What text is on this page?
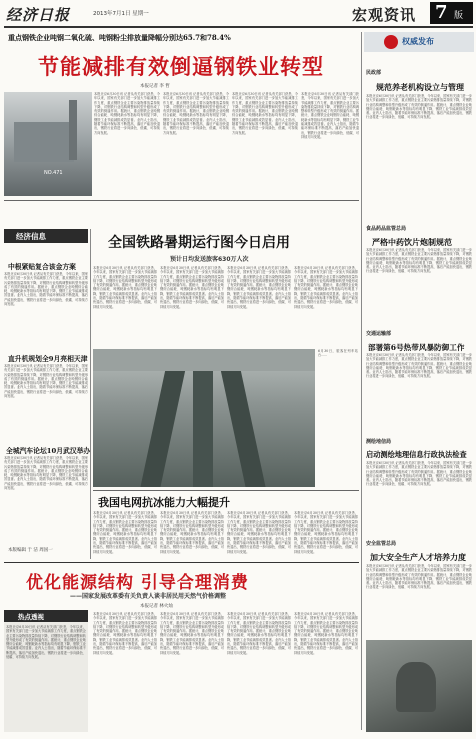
经济日报	2013年7月1日 星期一	宏观资讯 7 版
重点钢铁企业吨钢二氧化硫、吨钢粉尘排放量降幅分别达65.7和78.4%
节能减排有效倒逼钢铁业转型
本报记者 李 哲
NO.471
本报北京6月30日讯 记者从有关部门获悉，今年以来，国家有关部门进一步加大节能减排工作力度，重点钢铁企业主要污染物排放量持续下降，对钢铁行业结构调整和转型升级形成了有效的倒逼作用。据统计，重点钢铁企业吨钢综合能耗、吨钢耗新水等指标均有明显下降，钢铁工业节能减排成效显著。业内人士指出，随着节能环保标准不断提高，落后产能加快退出，钢铁行业将进一步向绿色、低碳、可持续方向发展。
本报北京6月30日讯 记者从有关部门获悉，今年以来，国家有关部门进一步加大节能减排工作力度，重点钢铁企业主要污染物排放量持续下降，对钢铁行业结构调整和转型升级形成了有效的倒逼作用。据统计，重点钢铁企业吨钢综合能耗、吨钢耗新水等指标均有明显下降，钢铁工业节能减排成效显著。业内人士指出，随着节能环保标准不断提高，落后产能加快退出，钢铁行业将进一步向绿色、低碳、可持续方向发展。
本报北京6月30日讯 记者从有关部门获悉，今年以来，国家有关部门进一步加大节能减排工作力度，重点钢铁企业主要污染物排放量持续下降，对钢铁行业结构调整和转型升级形成了有效的倒逼作用。据统计，重点钢铁企业吨钢综合能耗、吨钢耗新水等指标均有明显下降，钢铁工业节能减排成效显著。业内人士指出，随着节能环保标准不断提高，落后产能加快退出，钢铁行业将进一步向绿色、低碳、可持续方向发展。
本报北京6月30日讯 记者从有关部门获悉，今年以来，国家有关部门进一步加大节能减排工作力度，重点钢铁企业主要污染物排放量持续下降，对钢铁行业结构调整和转型升级形成了有效的倒逼作用。据统计，重点钢铁企业吨钢综合能耗、吨钢耗新水等指标均有明显下降，钢铁工业节能减排成效显著。业内人士指出，随着节能环保标准不断提高，落后产能加快退出，钢铁行业将进一步向绿色、低碳、可持续方向发展。
权威发布
民政部
规范养老机构设立与管理
本报北京6月30日讯 记者从有关部门获悉，今年以来，国家有关部门进一步加大节能减排工作力度，重点钢铁企业主要污染物排放量持续下降，对钢铁行业结构调整和转型升级形成了有效的倒逼作用。据统计，重点钢铁企业吨钢综合能耗、吨钢耗新水等指标均有明显下降，钢铁工业节能减排成效显著。业内人士指出，随着节能环保标准不断提高，落后产能加快退出，钢铁行业将进一步向绿色、低碳、可持续方向发展。
食品药品监管总局
严格中药饮片炮制规范
本报北京6月30日讯 记者从有关部门获悉，今年以来，国家有关部门进一步加大节能减排工作力度，重点钢铁企业主要污染物排放量持续下降，对钢铁行业结构调整和转型升级形成了有效的倒逼作用。据统计，重点钢铁企业吨钢综合能耗、吨钢耗新水等指标均有明显下降，钢铁工业节能减排成效显著。业内人士指出，随着节能环保标准不断提高，落后产能加快退出，钢铁行业将进一步向绿色、低碳、可持续方向发展。
交通运输部
部署第6号热带风暴防御工作
本报北京6月30日讯 记者从有关部门获悉，今年以来，国家有关部门进一步加大节能减排工作力度，重点钢铁企业主要污染物排放量持续下降，对钢铁行业结构调整和转型升级形成了有效的倒逼作用。据统计，重点钢铁企业吨钢综合能耗、吨钢耗新水等指标均有明显下降，钢铁工业节能减排成效显著。业内人士指出，随着节能环保标准不断提高，落后产能加快退出，钢铁行业将进一步向绿色、低碳、可持续方向发展。
测绘地信局
启动测绘地理信息行政执法检查
本报北京6月30日讯 记者从有关部门获悉，今年以来，国家有关部门进一步加大节能减排工作力度，重点钢铁企业主要污染物排放量持续下降，对钢铁行业结构调整和转型升级形成了有效的倒逼作用。据统计，重点钢铁企业吨钢综合能耗、吨钢耗新水等指标均有明显下降，钢铁工业节能减排成效显著。业内人士指出，随着节能环保标准不断提高，落后产能加快退出，钢铁行业将进一步向绿色、低碳、可持续方向发展。
安全监管总局
加大安全生产人才培养力度
本报北京6月30日讯 记者从有关部门获悉，今年以来，国家有关部门进一步加大节能减排工作力度，重点钢铁企业主要污染物排放量持续下降，对钢铁行业结构调整和转型升级形成了有效的倒逼作用。据统计，重点钢铁企业吨钢综合能耗、吨钢耗新水等指标均有明显下降，钢铁工业节能减排成效显著。业内人士指出，随着节能环保标准不断提高，落后产能加快退出，钢铁行业将进一步向绿色、低碳、可持续方向发展。
经济信息
中根紧贴复合该金方案
本报北京6月30日讯 记者从有关部门获悉，今年以来，国家有关部门进一步加大节能减排工作力度，重点钢铁企业主要污染物排放量持续下降，对钢铁行业结构调整和转型升级形成了有效的倒逼作用。据统计，重点钢铁企业吨钢综合能耗、吨钢耗新水等指标均有明显下降，钢铁工业节能减排成效显著。业内人士指出，随着节能环保标准不断提高，落后产能加快退出，钢铁行业将进一步向绿色、低碳、可持续方向发展。
直升机规划全9月亮相天津
本报北京6月30日讯 记者从有关部门获悉，今年以来，国家有关部门进一步加大节能减排工作力度，重点钢铁企业主要污染物排放量持续下降，对钢铁行业结构调整和转型升级形成了有效的倒逼作用。据统计，重点钢铁企业吨钢综合能耗、吨钢耗新水等指标均有明显下降，钢铁工业节能减排成效显著。业内人士指出，随着节能环保标准不断提高，落后产能加快退出，钢铁行业将进一步向绿色、低碳、可持续方向发展。
全城汽车论坛10月武汉举办
本报北京6月30日讯 记者从有关部门获悉，今年以来，国家有关部门进一步加大节能减排工作力度，重点钢铁企业主要污染物排放量持续下降，对钢铁行业结构调整和转型升级形成了有效的倒逼作用。据统计，重点钢铁企业吨钢综合能耗、吨钢耗新水等指标均有明显下降，钢铁工业节能减排成效显著。业内人士指出，随着节能环保标准不断提高，落后产能加快退出，钢铁行业将进一步向绿色、低碳、可持续方向发展。
本版编辑 于 洁 周国一
全国铁路暑期运行图今日启用
预计日均发送旅客630万人次
本报北京6月30日讯 记者从有关部门获悉，今年以来，国家有关部门进一步加大节能减排工作力度，重点钢铁企业主要污染物排放量持续下降，对钢铁行业结构调整和转型升级形成了有效的倒逼作用。据统计，重点钢铁企业吨钢综合能耗、吨钢耗新水等指标均有明显下降，钢铁工业节能减排成效显著。业内人士指出，随着节能环保标准不断提高，落后产能加快退出，钢铁行业将进一步向绿色、低碳、可持续方向发展。
本报北京6月30日讯 记者从有关部门获悉，今年以来，国家有关部门进一步加大节能减排工作力度，重点钢铁企业主要污染物排放量持续下降，对钢铁行业结构调整和转型升级形成了有效的倒逼作用。据统计，重点钢铁企业吨钢综合能耗、吨钢耗新水等指标均有明显下降，钢铁工业节能减排成效显著。业内人士指出，随着节能环保标准不断提高，落后产能加快退出，钢铁行业将进一步向绿色、低碳、可持续方向发展。
本报北京6月30日讯 记者从有关部门获悉，今年以来，国家有关部门进一步加大节能减排工作力度，重点钢铁企业主要污染物排放量持续下降，对钢铁行业结构调整和转型升级形成了有效的倒逼作用。据统计，重点钢铁企业吨钢综合能耗、吨钢耗新水等指标均有明显下降，钢铁工业节能减排成效显著。业内人士指出，随着节能环保标准不断提高，落后产能加快退出，钢铁行业将进一步向绿色、低碳、可持续方向发展。
本报北京6月30日讯 记者从有关部门获悉，今年以来，国家有关部门进一步加大节能减排工作力度，重点钢铁企业主要污染物排放量持续下降，对钢铁行业结构调整和转型升级形成了有效的倒逼作用。据统计，重点钢铁企业吨钢综合能耗、吨钢耗新水等指标均有明显下降，钢铁工业节能减排成效显著。业内人士指出，随着节能环保标准不断提高，落后产能加快退出，钢铁行业将进一步向绿色、低碳、可持续方向发展。
6月30日，旅客在列车站台......
我国电网抗冰能力大幅提升
本报北京6月30日讯 记者从有关部门获悉，今年以来，国家有关部门进一步加大节能减排工作力度，重点钢铁企业主要污染物排放量持续下降，对钢铁行业结构调整和转型升级形成了有效的倒逼作用。据统计，重点钢铁企业吨钢综合能耗、吨钢耗新水等指标均有明显下降，钢铁工业节能减排成效显著。业内人士指出，随着节能环保标准不断提高，落后产能加快退出，钢铁行业将进一步向绿色、低碳、可持续方向发展。
本报北京6月30日讯 记者从有关部门获悉，今年以来，国家有关部门进一步加大节能减排工作力度，重点钢铁企业主要污染物排放量持续下降，对钢铁行业结构调整和转型升级形成了有效的倒逼作用。据统计，重点钢铁企业吨钢综合能耗、吨钢耗新水等指标均有明显下降，钢铁工业节能减排成效显著。业内人士指出，随着节能环保标准不断提高，落后产能加快退出，钢铁行业将进一步向绿色、低碳、可持续方向发展。
本报北京6月30日讯 记者从有关部门获悉，今年以来，国家有关部门进一步加大节能减排工作力度，重点钢铁企业主要污染物排放量持续下降，对钢铁行业结构调整和转型升级形成了有效的倒逼作用。据统计，重点钢铁企业吨钢综合能耗、吨钢耗新水等指标均有明显下降，钢铁工业节能减排成效显著。业内人士指出，随着节能环保标准不断提高，落后产能加快退出，钢铁行业将进一步向绿色、低碳、可持续方向发展。
本报北京6月30日讯 记者从有关部门获悉，今年以来，国家有关部门进一步加大节能减排工作力度，重点钢铁企业主要污染物排放量持续下降，对钢铁行业结构调整和转型升级形成了有效的倒逼作用。据统计，重点钢铁企业吨钢综合能耗、吨钢耗新水等指标均有明显下降，钢铁工业节能减排成效显著。业内人士指出，随着节能环保标准不断提高，落后产能加快退出，钢铁行业将进一步向绿色、低碳、可持续方向发展。
优化能源结构 引导合理消费
——国家发展改革委有关负责人谈非居民用天然气价格调整
本报记者 林火灿
热点透视
本报北京6月30日讯 记者从有关部门获悉，今年以来，国家有关部门进一步加大节能减排工作力度，重点钢铁企业主要污染物排放量持续下降，对钢铁行业结构调整和转型升级形成了有效的倒逼作用。据统计，重点钢铁企业吨钢综合能耗、吨钢耗新水等指标均有明显下降，钢铁工业节能减排成效显著。业内人士指出，随着节能环保标准不断提高，落后产能加快退出，钢铁行业将进一步向绿色、低碳、可持续方向发展。
本报北京6月30日讯 记者从有关部门获悉，今年以来，国家有关部门进一步加大节能减排工作力度，重点钢铁企业主要污染物排放量持续下降，对钢铁行业结构调整和转型升级形成了有效的倒逼作用。据统计，重点钢铁企业吨钢综合能耗、吨钢耗新水等指标均有明显下降，钢铁工业节能减排成效显著。业内人士指出，随着节能环保标准不断提高，落后产能加快退出，钢铁行业将进一步向绿色、低碳、可持续方向发展。
本报北京6月30日讯 记者从有关部门获悉，今年以来，国家有关部门进一步加大节能减排工作力度，重点钢铁企业主要污染物排放量持续下降，对钢铁行业结构调整和转型升级形成了有效的倒逼作用。据统计，重点钢铁企业吨钢综合能耗、吨钢耗新水等指标均有明显下降，钢铁工业节能减排成效显著。业内人士指出，随着节能环保标准不断提高，落后产能加快退出，钢铁行业将进一步向绿色、低碳、可持续方向发展。
本报北京6月30日讯 记者从有关部门获悉，今年以来，国家有关部门进一步加大节能减排工作力度，重点钢铁企业主要污染物排放量持续下降，对钢铁行业结构调整和转型升级形成了有效的倒逼作用。据统计，重点钢铁企业吨钢综合能耗、吨钢耗新水等指标均有明显下降，钢铁工业节能减排成效显著。业内人士指出，随着节能环保标准不断提高，落后产能加快退出，钢铁行业将进一步向绿色、低碳、可持续方向发展。
本报北京6月30日讯 记者从有关部门获悉，今年以来，国家有关部门进一步加大节能减排工作力度，重点钢铁企业主要污染物排放量持续下降，对钢铁行业结构调整和转型升级形成了有效的倒逼作用。据统计，重点钢铁企业吨钢综合能耗、吨钢耗新水等指标均有明显下降，钢铁工业节能减排成效显著。业内人士指出，随着节能环保标准不断提高，落后产能加快退出，钢铁行业将进一步向绿色、低碳、可持续方向发展。
